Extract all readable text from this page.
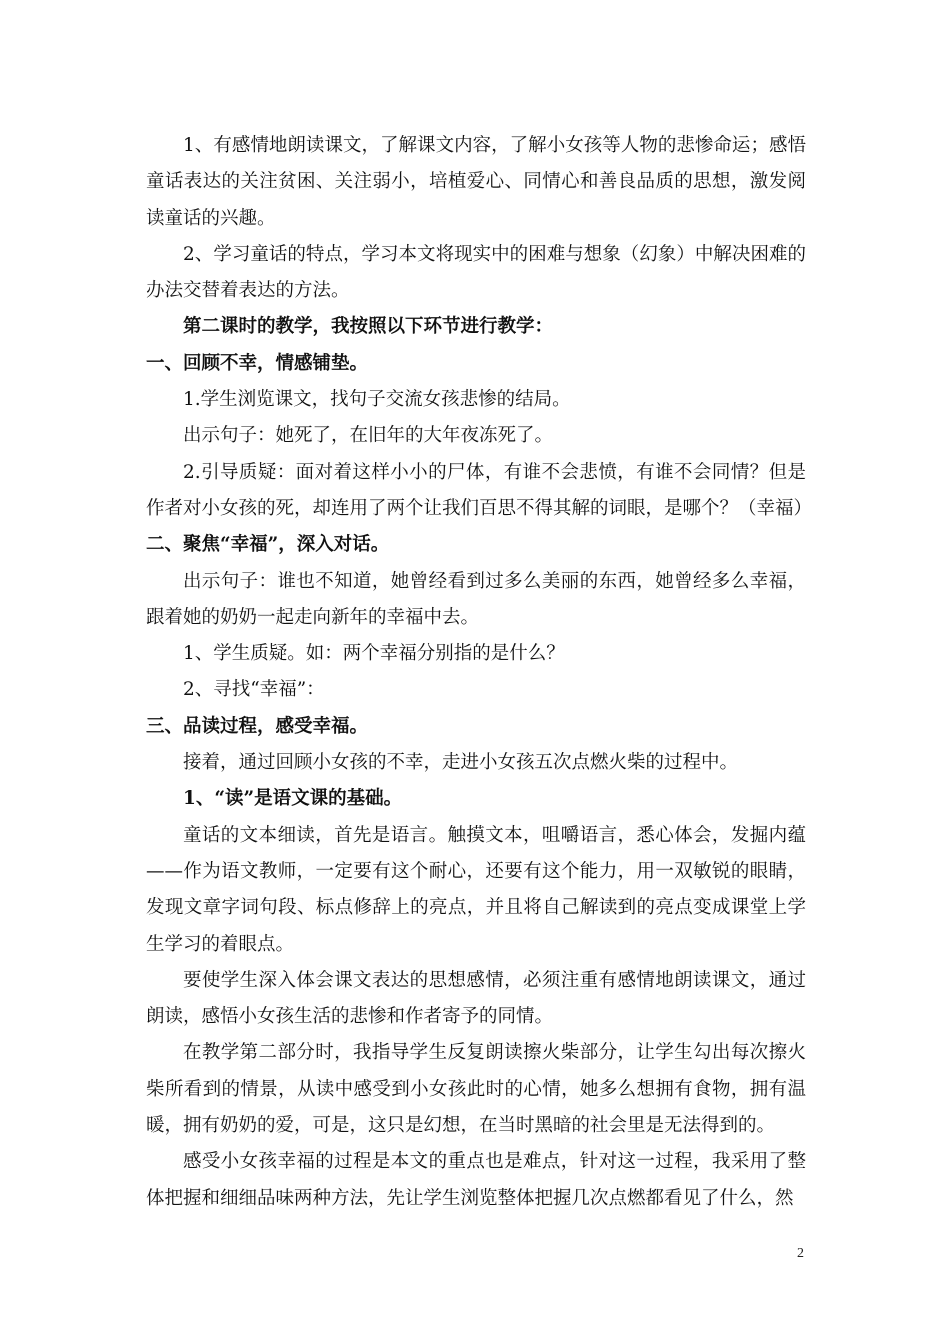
1、有感情地朗读课文，了解课文内容，了解小女孩等人物的悲惨命运；感悟童话表达的关注贫困、关注弱小，培植爱心、同情心和善良品质的思想，激发阅读童话的兴趣。

2、学习童话的特点，学习本文将现实中的困难与想象（幻象）中解决困难的办法交替着表达的方法。

第二课时的教学，我按照以下环节进行教学：

一、回顾不幸，情感铺垫。

1.学生浏览课文，找句子交流女孩悲惨的结局。

出示句子：她死了，在旧年的大年夜冻死了。

2.引导质疑：面对着这样小小的尸体，有谁不会悲愤，有谁不会同情？但是作者对小女孩的死，却连用了两个让我们百思不得其解的词眼，是哪个？（幸福）

二、聚焦“幸福”，深入对话。

出示句子：谁也不知道，她曾经看到过多么美丽的东西，她曾经多么幸福，跟着她的奶奶一起走向新年的幸福中去。

1、学生质疑。如：两个幸福分别指的是什么？

2、寻找“幸福”：

三、品读过程，感受幸福。

接着，通过回顾小女孩的不幸，走进小女孩五次点燃火柴的过程中。

1、“读”是语文课的基础。

童话的文本细读，首先是语言。触摸文本，咀嚼语言，悉心体会，发掘内蕴——作为语文教师，一定要有这个耐心，还要有这个能力，用一双敏锐的眼睛，发现文章字词句段、标点修辞上的亮点，并且将自己解读到的亮点变成课堂上学生学习的着眼点。

要使学生深入体会课文表达的思想感情，必须注重有感情地朗读课文，通过朗读，感悟小女孩生活的悲惨和作者寄予的同情。

在教学第二部分时，我指导学生反复朗读擦火柴部分，让学生勾出每次擦火柴所看到的情景，从读中感受到小女孩此时的心情，她多么想拥有食物，拥有温暖，拥有奶奶的爱，可是，这只是幻想，在当时黑暗的社会里是无法得到的。

感受小女孩幸福的过程是本文的重点也是难点，针对这一过程，我采用了整体把握和细细品味两种方法，先让学生浏览整体把握几次点燃都看见了什么，然

2
